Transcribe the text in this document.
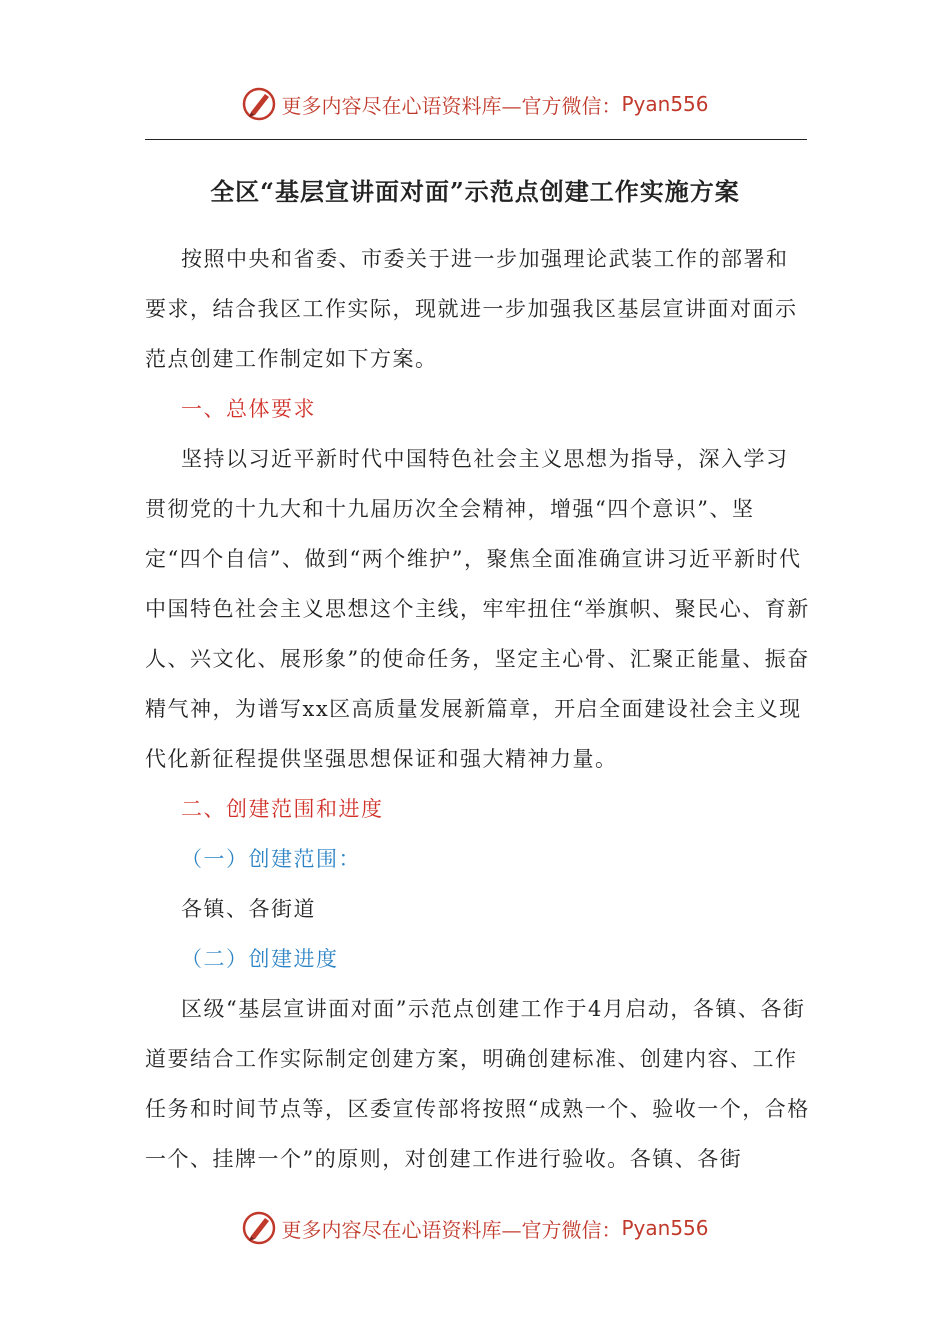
更多内容尽在心语资料库—官方微信： Pyan556
全区“基层宣讲面对面”示范点创建工作实施方案

按照中央和省委、市委关于进一步加强理论武装工作的部署和要求，结合我区工作实际，现就进一步加强我区基层宣讲面对面示范点创建工作制定如下方案。

一、总体要求

坚持以习近平新时代中国特色社会主义思想为指导，深入学习贯彻党的十九大和十九届历次全会精神，增强“四个意识”、坚定“四个自信”、做到“两个维护”，聚焦全面准确宣讲习近平新时代中国特色社会主义思想这个主线，牢牢扭住“举旗帜、聚民心、育新人、兴文化、展形象”的使命任务，坚定主心骨、汇聚正能量、振奋精气神，为谱写xx区高质量发展新篇章，开启全面建设社会主义现代化新征程提供坚强思想保证和强大精神力量。

二、创建范围和进度

（一）创建范围：

各镇、各街道

（二）创建进度

区级“基层宣讲面对面”示范点创建工作于4月启动，各镇、各街道要结合工作实际制定创建方案，明确创建标准、创建内容、工作任务和时间节点等，区委宣传部将按照“成熟一个、验收一个，合格一个、挂牌一个”的原则，对创建工作进行验收。各镇、各街

更多内容尽在心语资料库—官方微信： Pyan556
